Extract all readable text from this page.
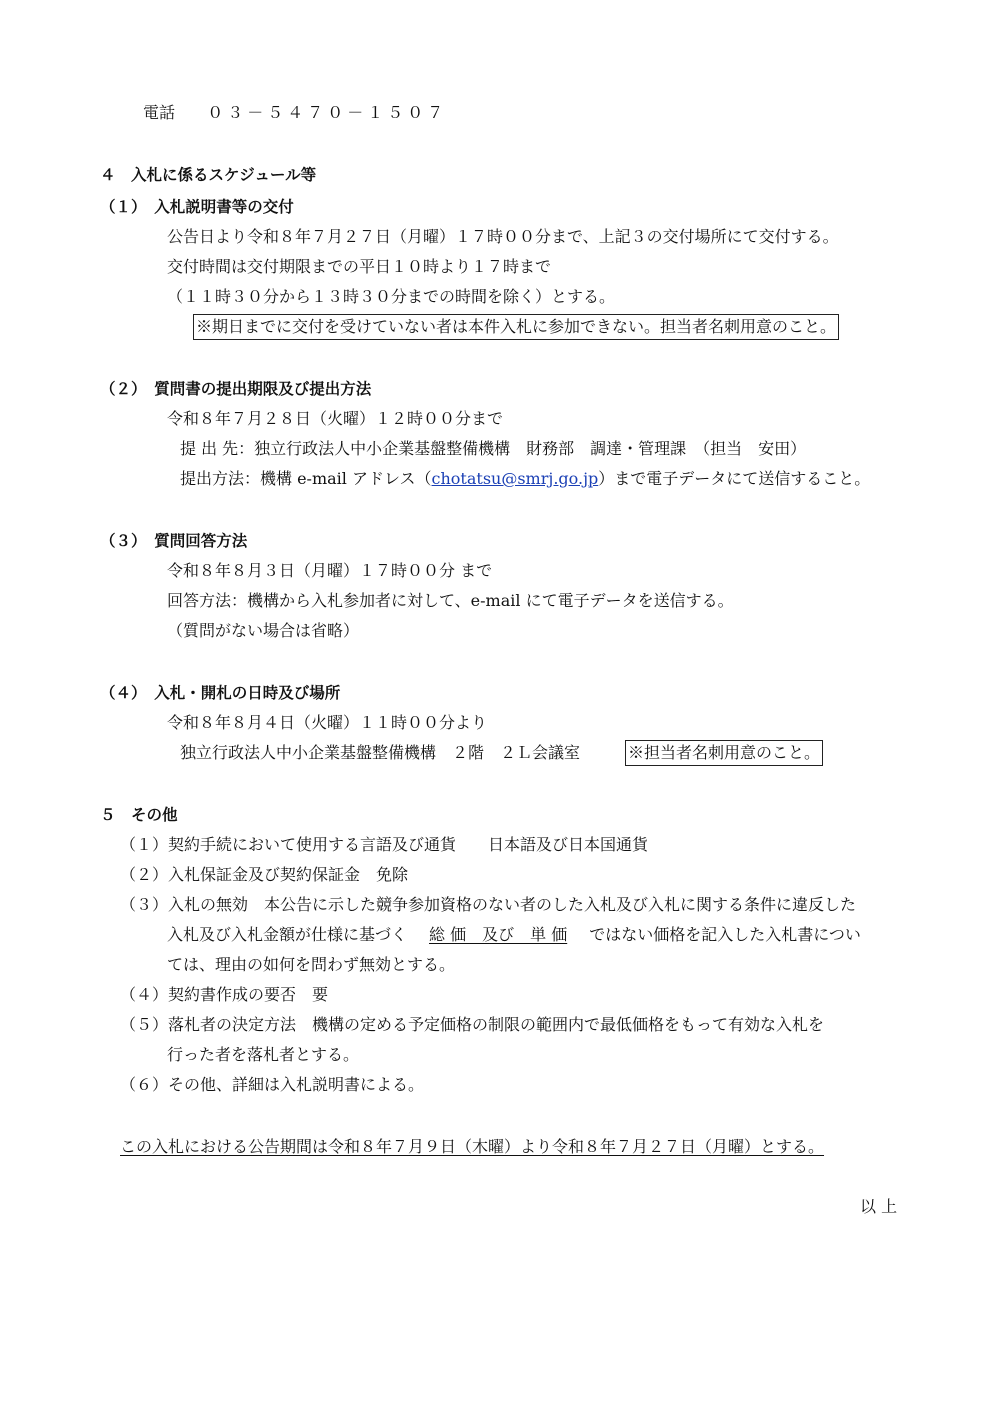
電話 ０３－５４７０－１５０７
４　入札に係るスケジュール等
（１）　入札説明書等の交付
公告日より令和８年７月２７日（月曜）１７時００分まで、上記３の交付場所にて交付する。
交付時間は交付期限までの平日１０時より１７時まで
（１１時３０分から１３時３０分までの時間を除く）とする。
※期日までに交付を受けていない者は本件入札に参加できない。担当者名刺用意のこと。
（２）　質問書の提出期限及び提出方法
令和８年７月２８日（火曜）１２時００分まで
提 出 先：独立行政法人中小企業基盤整備機構　財務部　調達・管理課　（担当　安田）
提出方法：機構 e-mail アドレス（chotatsu@smrj.go.jp）まで電子データにて送信すること。
（３）　質問回答方法
令和８年８月３日（月曜）１７時００分 まで
回答方法：機構から入札参加者に対して、e-mail にて電子データを送信する。
（質問がない場合は省略）
（４）　入札・開札の日時及び場所
令和８年８月４日（火曜）１１時００分より
独立行政法人中小企業基盤整備機構　２階　２Ｌ会議室	※担当者名刺用意のこと。
５　その他
（１）契約手続において使用する言語及び通貨　　日本語及び日本国通貨
（２）入札保証金及び契約保証金　免除
（３）入札の無効　本公告に示した競争参加資格のない者のした入札及び入札に関する条件に違反した
入札及び入札金額が仕様に基づく 総 価　及び　単 価 ではない価格を記入した入札書につい
ては、理由の如何を問わず無効とする。
（４）契約書作成の要否　要
（５）落札者の決定方法　機構の定める予定価格の制限の範囲内で最低価格をもって有効な入札を
行った者を落札者とする。
（６）その他、詳細は入札説明書による。
この入札における公告期間は令和８年７月９日（木曜）より令和８年７月２７日（月曜）とする。
以 上
